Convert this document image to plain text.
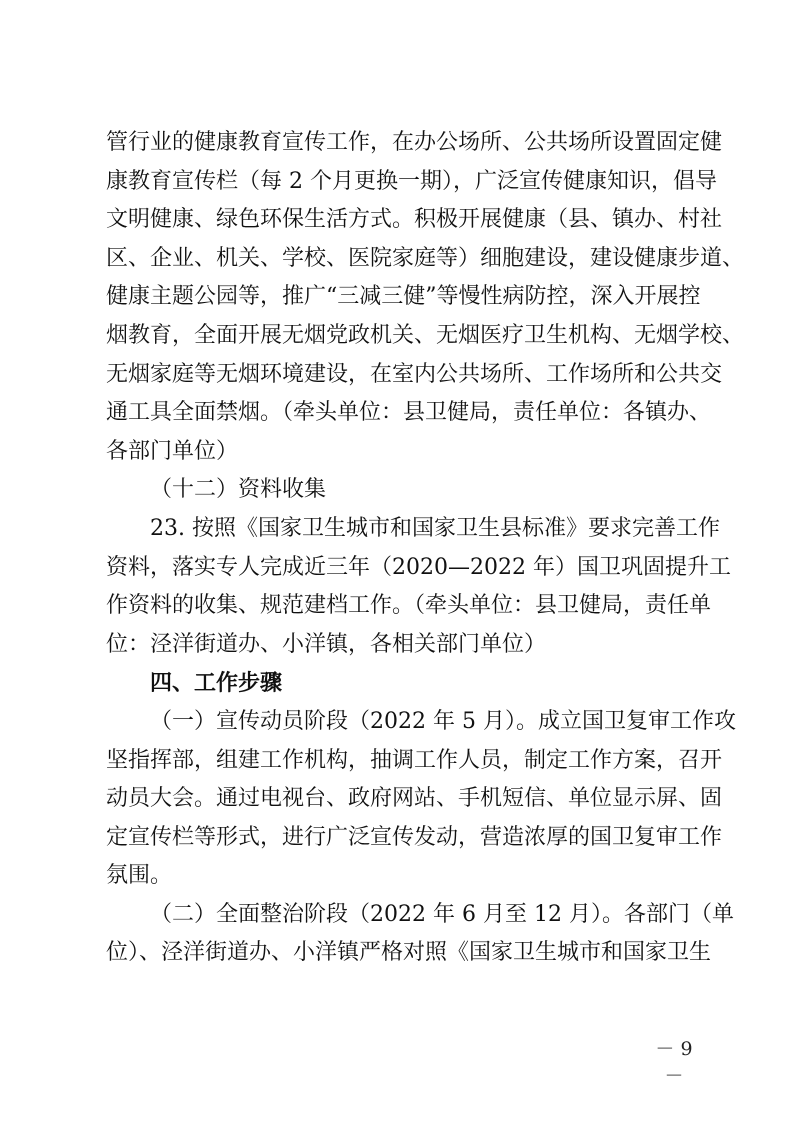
管行业的健康教育宣传工作，在办公场所、公共场所设置固定健
康教育宣传栏（每 2 个月更换一期），广泛宣传健康知识，倡导
文明健康、绿色环保生活方式。积极开展健康（县、镇办、村社
区、企业、机关、学校、医院家庭等）细胞建设，建设健康步道、
健康主题公园等，推广“三减三健”等慢性病防控，深入开展控
烟教育，全面开展无烟党政机关、无烟医疗卫生机构、无烟学校、
无烟家庭等无烟环境建设，在室内公共场所、工作场所和公共交
通工具全面禁烟。（牵头单位：县卫健局，责任单位：各镇办、
各部门单位）
（十二）资料收集
23. 按照《国家卫生城市和国家卫生县标准》要求完善工作
资料，落实专人完成近三年（2020—2022 年）国卫巩固提升工
作资料的收集、规范建档工作。（牵头单位：县卫健局，责任单
位：泾洋街道办、小洋镇，各相关部门单位）
四、工作步骤
（一）宣传动员阶段（2022 年 5 月）。成立国卫复审工作攻
坚指挥部，组建工作机构，抽调工作人员，制定工作方案，召开
动员大会。通过电视台、政府网站、手机短信、单位显示屏、固
定宣传栏等形式，进行广泛宣传发动，营造浓厚的国卫复审工作
氛围。
（二）全面整治阶段（2022 年 6 月至 12 月）。各部门（单
位）、泾洋街道办、小洋镇严格对照《国家卫生城市和国家卫生
－ 9 －
